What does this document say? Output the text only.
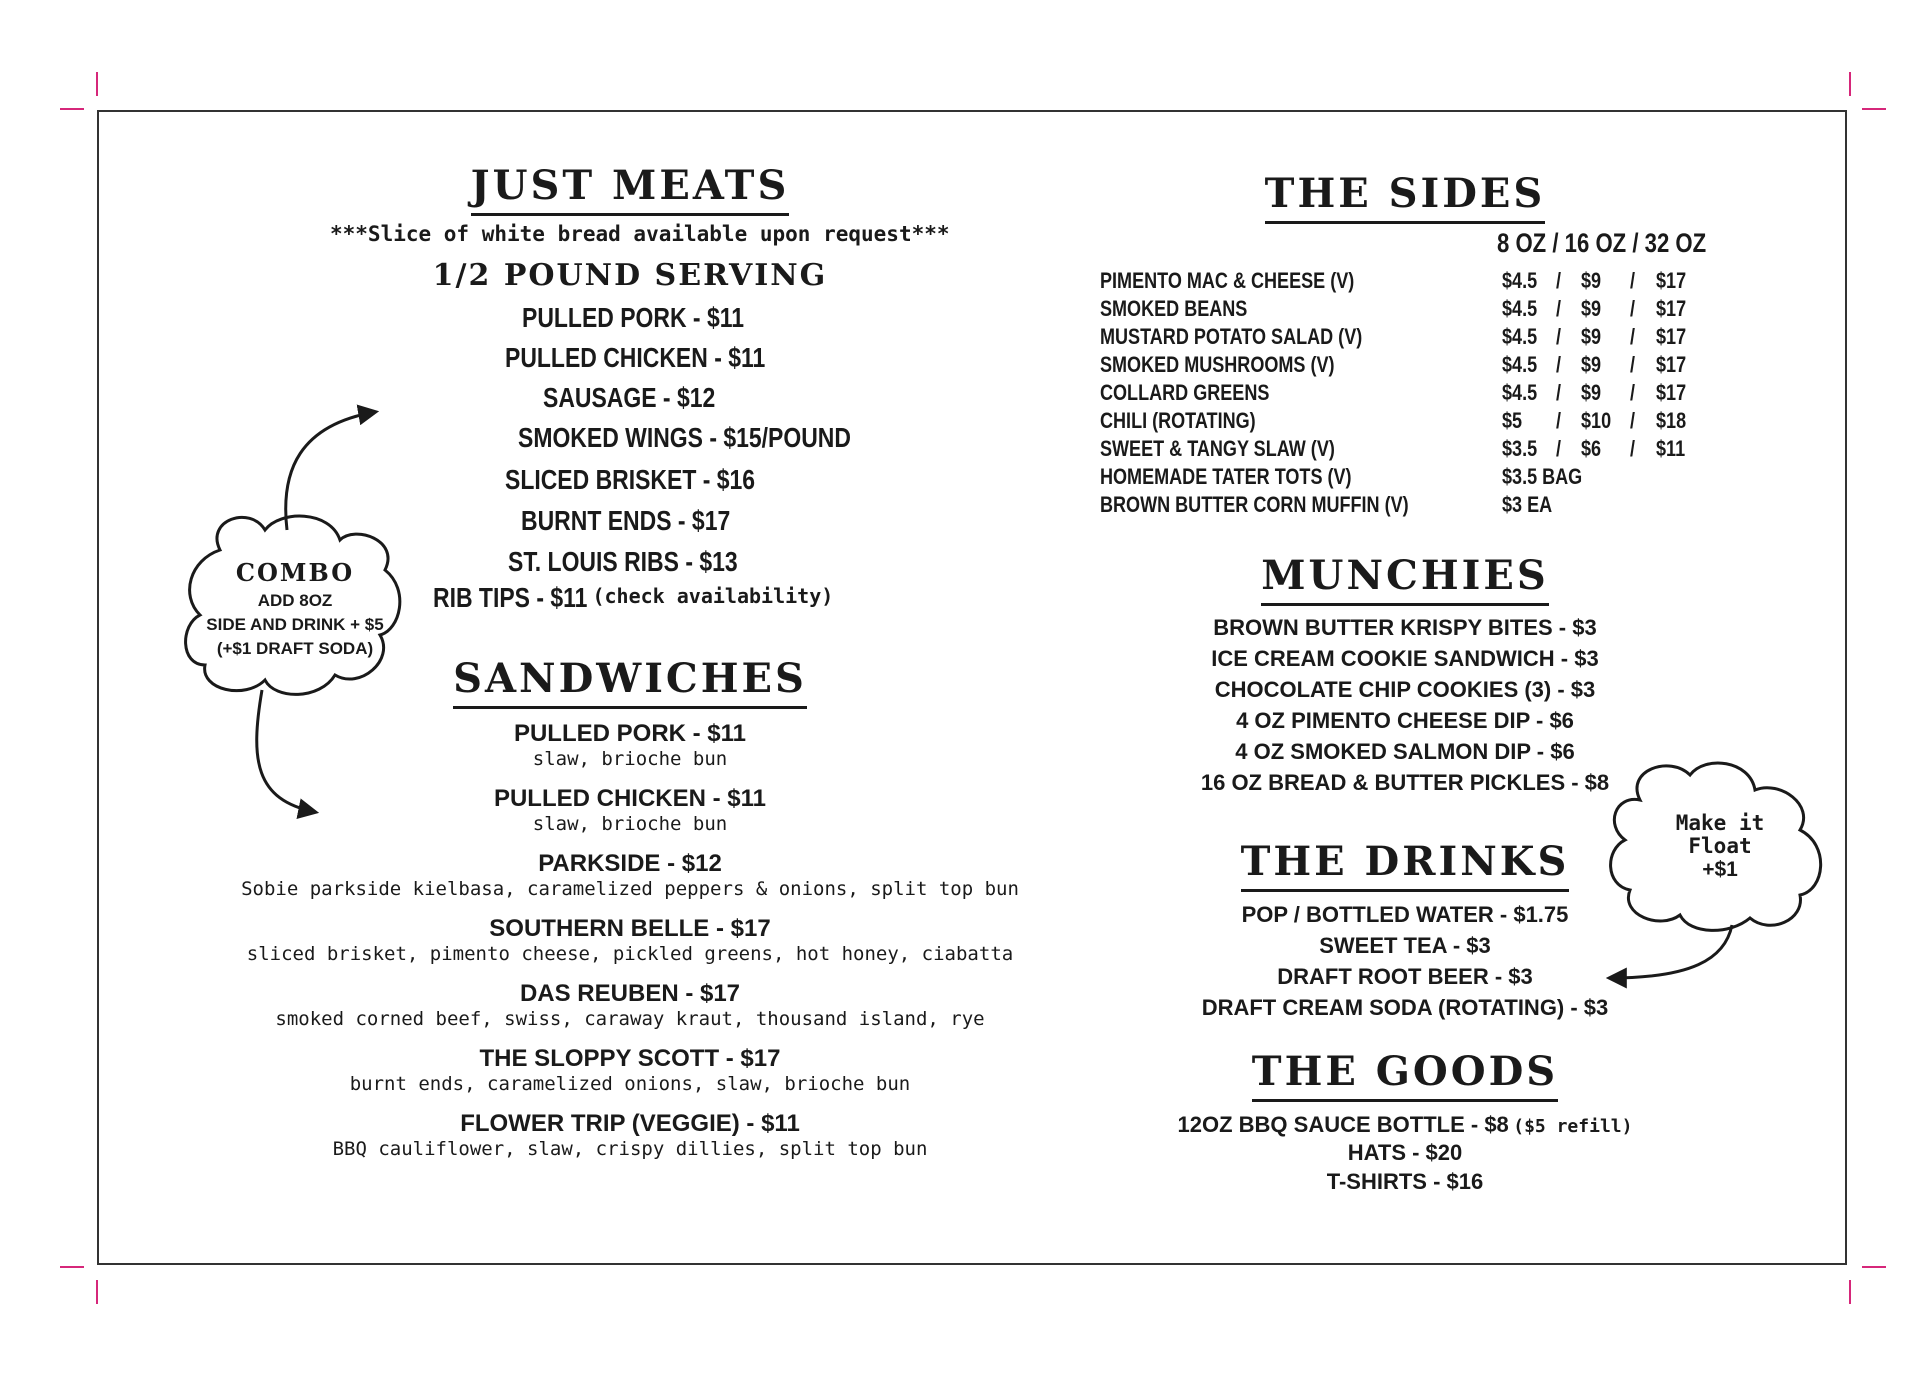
COMBO
ADD 8OZ
SIDE AND DRINK + $5
(+$1 DRAFT SODA)
Make it
Float
+$1
JUST MEATS
***Slice of white bread available upon request***
1/2 POUND SERVING
PULLED PORK - $11
PULLED CHICKEN - $11
SAUSAGE - $12
SMOKED WINGS - $15/POUND
SLICED BRISKET - $16
BURNT ENDS - $17
ST. LOUIS RIBS - $13
RIB TIPS - $11 (check availability)
SANDWICHES
PULLED PORK - $11
slaw, brioche bun
PULLED CHICKEN - $11
slaw, brioche bun
PARKSIDE - $12
Sobie parkside kielbasa, caramelized peppers & onions, split top bun
SOUTHERN BELLE - $17
sliced brisket, pimento cheese, pickled greens, hot honey, ciabatta
DAS REUBEN - $17
smoked corned beef, swiss, caraway kraut, thousand island, rye
THE SLOPPY SCOTT - $17
burnt ends, caramelized onions, slaw, brioche bun
FLOWER TRIP (VEGGIE) - $11
BBQ cauliflower, slaw, crispy dillies, split top bun
THE SIDES
8 OZ / 16 OZ / 32 OZ
PIMENTO MAC & CHEESE (V)	$4.5 / $9 / $17
SMOKED BEANS	$4.5 / $9 / $17
MUSTARD POTATO SALAD (V)	$4.5 / $9 / $17
SMOKED MUSHROOMS (V)	$4.5 / $9 / $17
COLLARD GREENS	$4.5 / $9 / $17
CHILI (ROTATING)	$5 / $10 / $18
SWEET & TANGY SLAW (V)	$3.5 / $6 / $11
HOMEMADE TATER TOTS (V)	$3.5 BAG
BROWN BUTTER CORN MUFFIN (V)	$3 EA
MUNCHIES
BROWN BUTTER KRISPY BITES - $3
ICE CREAM COOKIE SANDWICH - $3
CHOCOLATE CHIP COOKIES (3) - $3
4 OZ PIMENTO CHEESE DIP - $6
4 OZ SMOKED SALMON DIP - $6
16 OZ BREAD & BUTTER PICKLES - $8
THE DRINKS
POP / BOTTLED WATER - $1.75
SWEET TEA - $3
DRAFT ROOT BEER - $3
DRAFT CREAM SODA (ROTATING) - $3
THE GOODS
12OZ BBQ SAUCE BOTTLE - $8 ($5 refill)
HATS - $20
T-SHIRTS - $16
